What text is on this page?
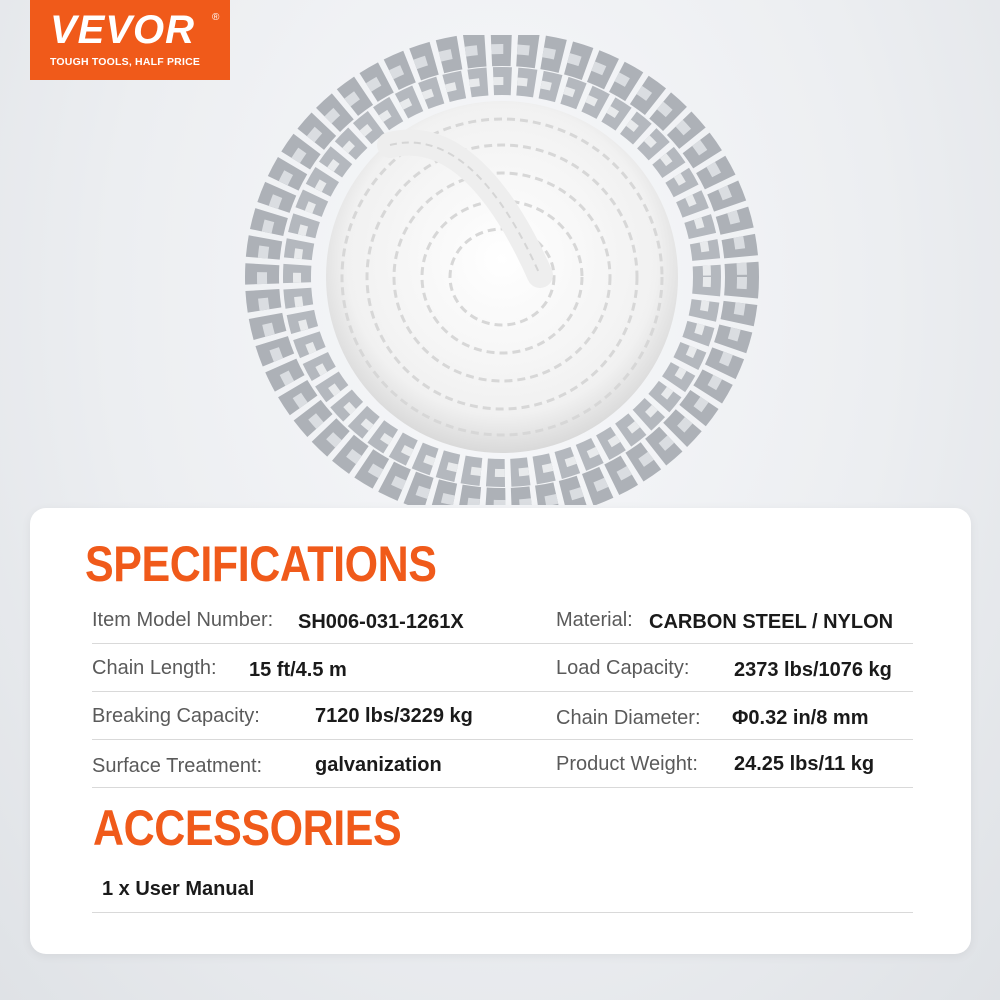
VEVOR	®
TOUGH TOOLS, HALF PRICE
SPECIFICATIONS
Item Model Number: SH006-031-1261X	Material: CARBON STEEL / NYLON
Chain Length: 15 ft/4.5 m	Load Capacity: 2373 lbs/1076 kg
Breaking Capacity:	7120 lbs/3229 kg	Chain Diameter: Φ0.32 in/8 mm
Surface Treatment:	galvanization	Product Weight: 24.25 lbs/11 kg
ACCESSORIES
1 x User Manual
